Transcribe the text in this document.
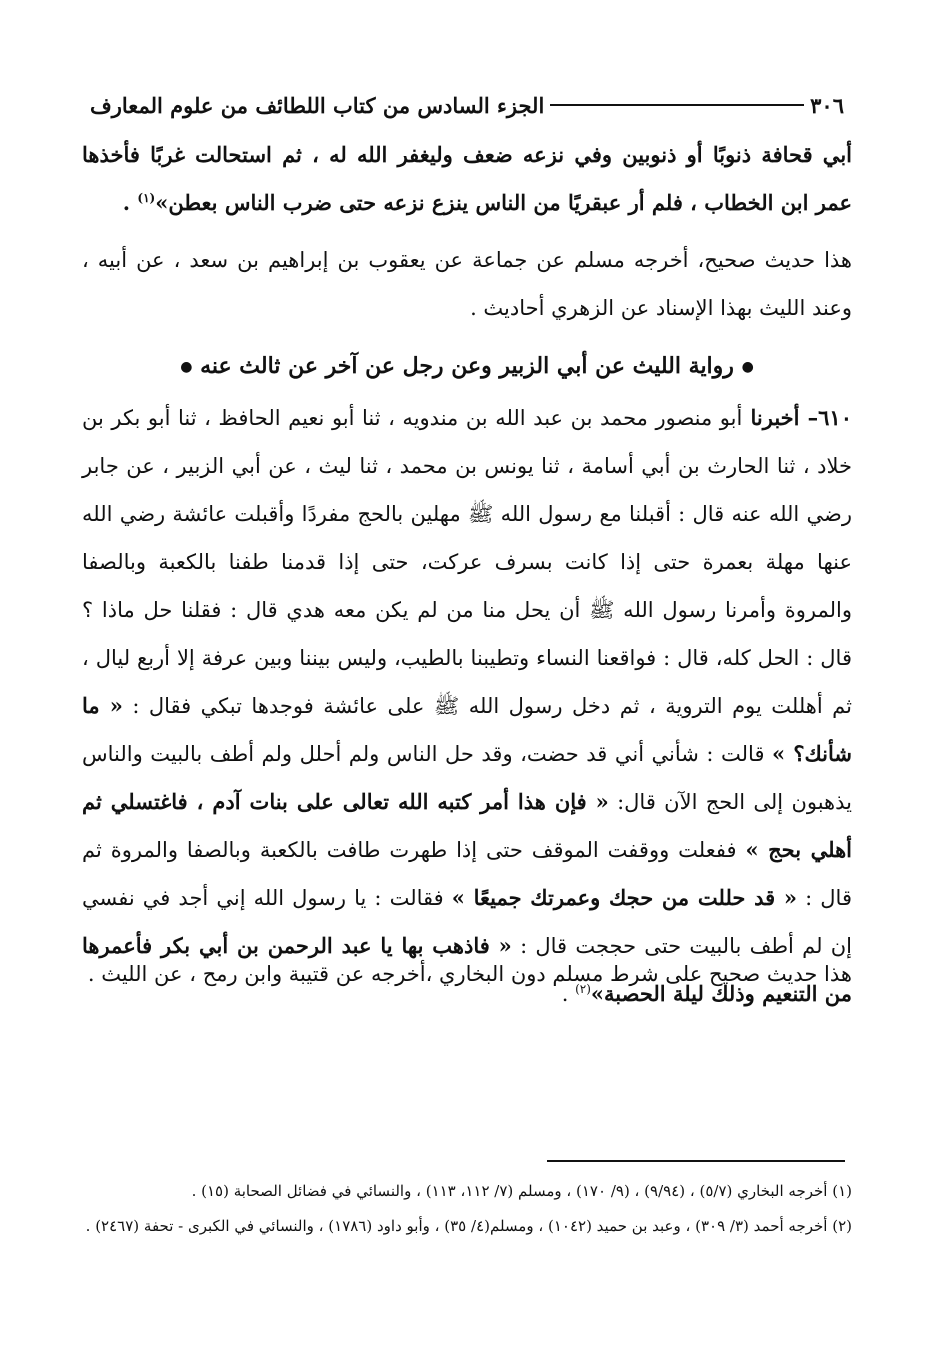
٣٠٦
الجزء السادس من كتاب اللطائف من علوم المعارف
أبي قحافة ذنوبًا أو ذنوبين وفي نزعه ضعف وليغفر الله له ، ثم استحالت غربًا فأخذها عمر ابن الخطاب ، فلم أر عبقريًا من الناس ينزع نزعه حتى ضرب الناس بعطن»$^{(١)}$ .
هذا حديث صحيح، أخرجه مسلم عن جماعة عن يعقوب بن إبراهيم بن سعد ، عن أبيه ، وعند الليث بهذا الإسناد عن الزهري أحاديث .
● رواية الليث عن أبي الزبير وعن رجل عن آخر عن ثالث عنه ●
٦١٠– أخبرنا أبو منصور محمد بن عبد الله بن مندويه ، ثنا أبو نعيم الحافظ ، ثنا أبو بكر بن خلاد ، ثنا الحارث بن أبي أسامة ، ثنا يونس بن محمد ، ثنا ليث ، عن أبي الزبير ، عن جابر رضي الله عنه قال : أقبلنا مع رسول الله ﷺ مهلين بالحج مفردًا وأقبلت عائشة رضي الله عنها مهلة بعمرة حتى إذا كانت بسرف عركت، حتى إذا قدمنا طفنا بالكعبة وبالصفا والمروة وأمرنا رسول الله ﷺ أن يحل منا من لم يكن معه هدي قال : فقلنا حل ماذا ؟ قال : الحل كله، قال : فواقعنا النساء وتطيبنا بالطيب، وليس بيننا وبين عرفة إلا أربع ليال ، ثم أهللت يوم التروية ، ثم دخل رسول الله ﷺ على عائشة فوجدها تبكي فقال : « ما شأنك؟ » قالت : شأني أني قد حضت، وقد حل الناس ولم أحلل ولم أطف بالبيت والناس يذهبون إلى الحج الآن قال: « فإن هذا أمر كتبه الله تعالى على بنات آدم ، فاغتسلي ثم أهلي بحج » ففعلت ووقفت الموقف حتى إذا طهرت طافت بالكعبة وبالصفا والمروة ثم قال : « قد حللت من حجك وعمرتك جميعًا » فقالت : يا رسول الله إني أجد في نفسي إن لم أطف بالبيت حتى حججت قال : « فاذهب بها يا عبد الرحمن بن أبي بكر فأعمرها من التنعيم وذلك ليلة الحصبة»$^{(٢)}$ .
هذا حديث صحيح على شرط مسلم دون البخاري ،أخرجه عن قتيبة وابن رمح ، عن الليث .
(١) أخرجه البخاري (٥/٧) ، (٩/٩٤) ، (٩/ ١٧٠) ، ومسلم (٧/ ١١٢، ١١٣) ، والنسائي في فضائل الصحابة (١٥) .
(٢) أخرجه أحمد (٣/ ٣٠٩) ، وعبد بن حميد (١٠٤٢) ، ومسلم(٤/ ٣٥) ، وأبو داود (١٧٨٦) ، والنسائي في الكبرى - تحفة (٢٤٦٧) .
